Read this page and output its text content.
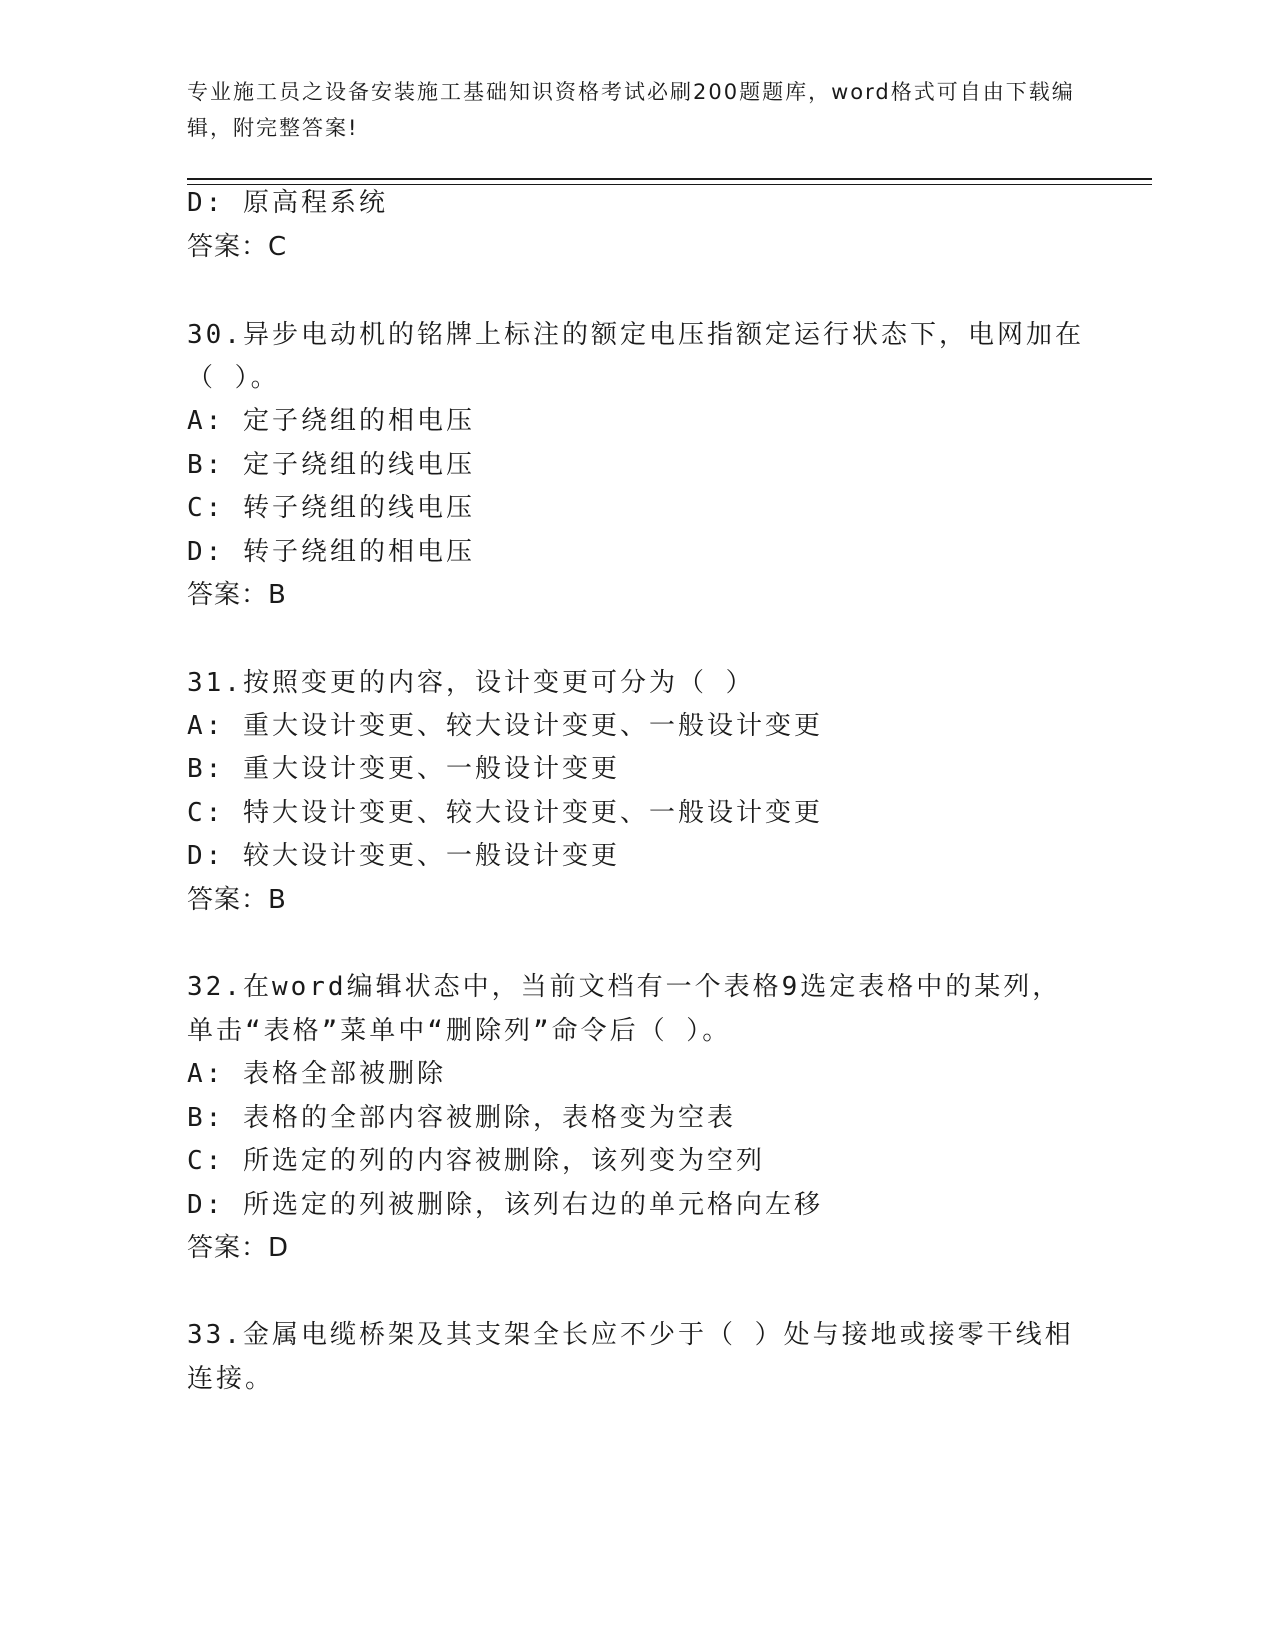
专业施工员之设备安装施工基础知识资格考试必刷200题题库，word格式可自由下载编辑，附完整答案!
D: 原高程系统
答案：C
30.异步电动机的铭牌上标注的额定电压指额定运行状态下，电网加在
（ ）。
A: 定子绕组的相电压
B: 定子绕组的线电压
C: 转子绕组的线电压
D: 转子绕组的相电压
答案：B
31.按照变更的内容，设计变更可分为（ ）
A: 重大设计变更、较大设计变更、一般设计变更
B: 重大设计变更、一般设计变更
C: 特大设计变更、较大设计变更、一般设计变更
D: 较大设计变更、一般设计变更
答案：B
32.在word编辑状态中，当前文档有一个表格9选定表格中的某列，
单击“表格”菜单中“删除列”命令后（ ）。
A: 表格全部被删除
B: 表格的全部内容被删除，表格变为空表
C: 所选定的列的内容被删除，该列变为空列
D: 所选定的列被删除，该列右边的单元格向左移
答案：D
33.金属电缆桥架及其支架全长应不少于（ ）处与接地或接零干线相
连接。
